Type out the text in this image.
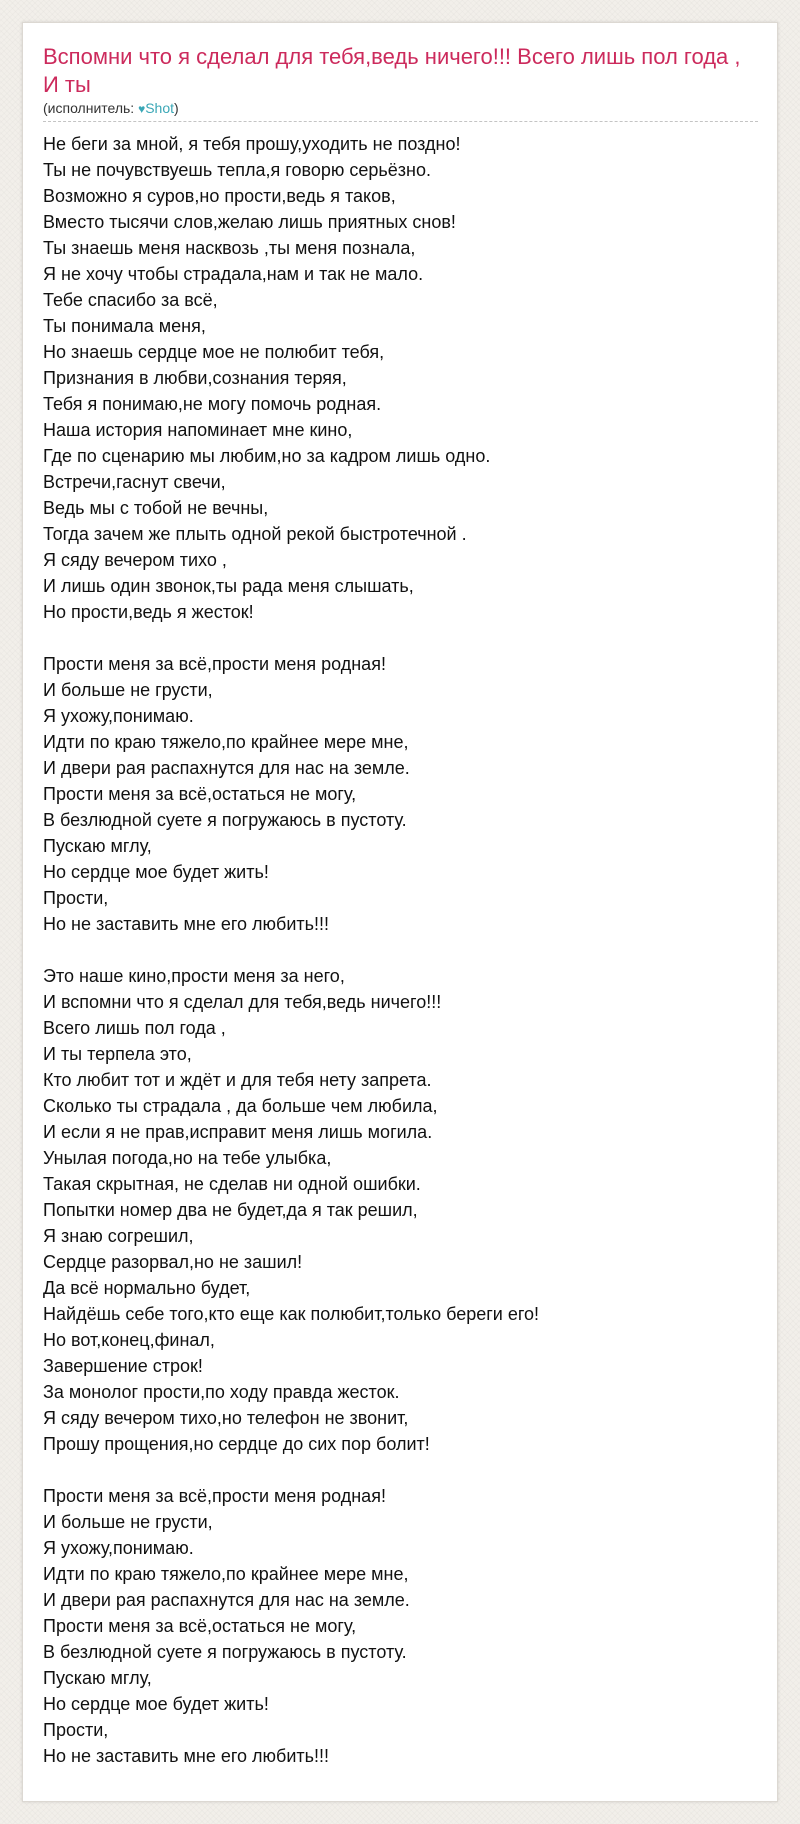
Вспомни что я сделал для тебя,ведь ничего!!! Всего лишь пол года , И ты
(исполнитель: ♥Shot)
Не беги за мной, я тебя прошу,уходить не поздно!
Ты не почувствуешь тепла,я говорю серьёзно.
Возможно я суров,но прости,ведь я таков,
Вместо тысячи слов,желаю лишь приятных снов!
Ты знаешь меня насквозь ,ты меня познала,
Я не хочу чтобы страдала,нам и так не мало.
Тебе спасибо за всё,
Ты понимала меня,
Но знаешь сердце мое не полюбит тебя,
Признания в любви,сознания теряя,
Тебя я понимаю,не могу помочь родная.
Наша история напоминает мне кино,
Где по сценарию мы любим,но за кадром лишь одно.
Встречи,гаснут свечи,
Ведь мы с тобой не вечны,
Тогда зачем же плыть одной рекой быстротечной .
Я сяду вечером тихо ,
И лишь один звонок,ты рада меня слышать,
Но прости,ведь я жесток!
Прости меня за всё,прости меня родная!
И больше не грусти,
Я ухожу,понимаю.
Идти по краю тяжело,по крайнее мере мне,
И двери рая распахнутся для нас на земле.
Прости меня за всё,остаться не могу,
В безлюдной суете я погружаюсь в пустоту.
Пускаю мглу,
Но сердце мое будет жить!
Прости,
Но не заставить мне его любить!!!
Это наше кино,прости меня за него,
И вспомни что я сделал для тебя,ведь ничего!!!
Всего лишь пол года ,
И ты терпела это,
Кто любит тот и ждёт и для тебя нету запрета.
Сколько ты страдала , да больше чем любила,
И если я не прав,исправит меня лишь могила.
Унылая погода,но на тебе улыбка,
Такая скрытная, не сделав ни одной ошибки.
Попытки номер два не будет,да я так решил,
Я знаю согрешил,
Сердце разорвал,но не зашил!
Да всё нормально будет,
Найдёшь себе того,кто еще как полюбит,только береги его!
Но вот,конец,финал,
Завершение строк!
За монолог прости,по ходу правда жесток.
Я сяду вечером тихо,но телефон не звонит,
Прошу прощения,но сердце до сих пор болит!
Прости меня за всё,прости меня родная!
И больше не грусти,
Я ухожу,понимаю.
Идти по краю тяжело,по крайнее мере мне,
И двери рая распахнутся для нас на земле.
Прости меня за всё,остаться не могу,
В безлюдной суете я погружаюсь в пустоту.
Пускаю мглу,
Но сердце мое будет жить!
Прости,
Но не заставить мне его любить!!!
